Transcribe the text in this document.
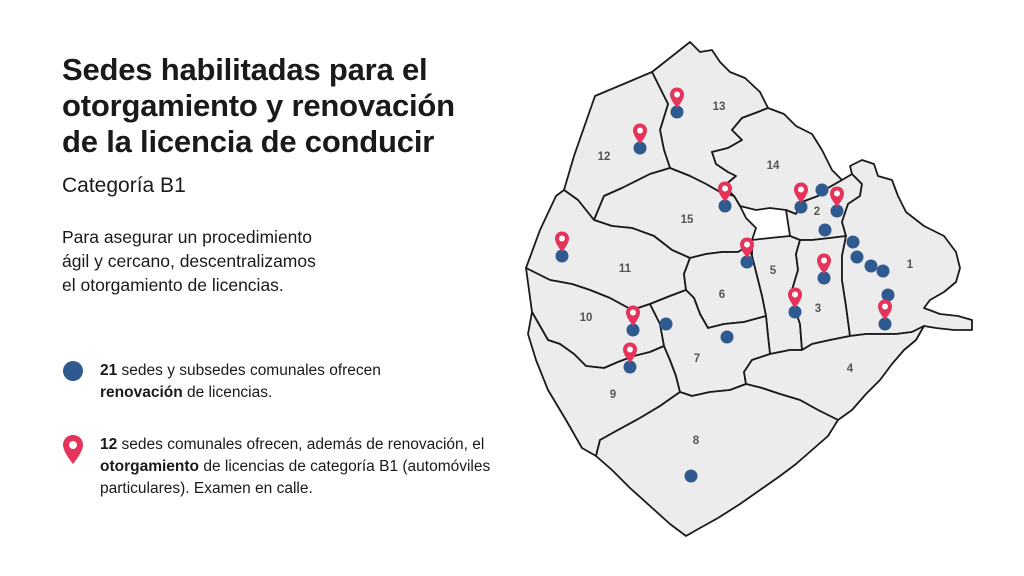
Sedes habilitadas para el
otorgamiento y renovación
de la licencia de conducir
Categoría B1

Para asegurar un procedimiento
ágil y cercano, descentralizamos
el otorgamiento de licencias.

21 sedes y subsedes comunales ofrecen
renovación de licencias.
12 sedes comunales ofrecen, además de renovación, el otorgamiento de licencias de categoría B1 (automóviles particulares). Examen en calle.
1
2
3
4
5
6
7
8
9
10
11
12
13
14
15
